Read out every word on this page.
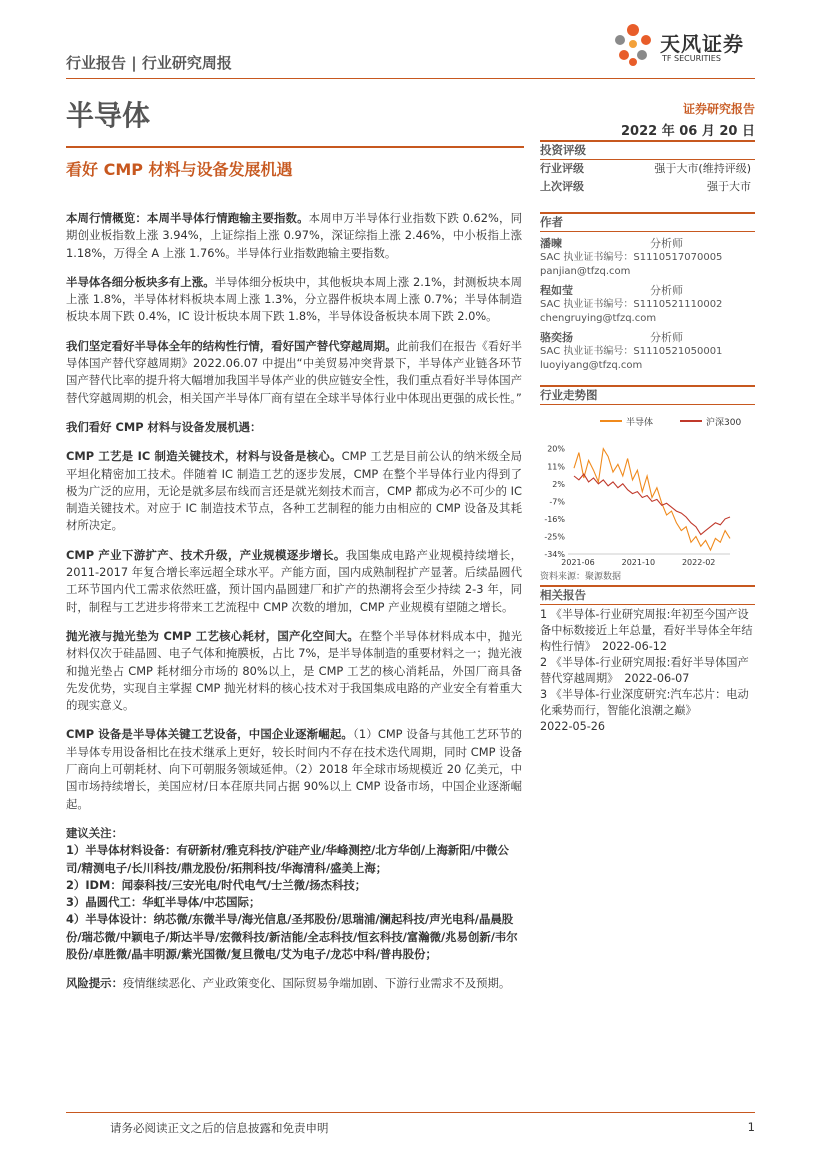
行业报告 | 行业研究周报
天风证券
TF SECURITIES
半导体	证券研究报告
2022 年 06 月 20 日
看好 CMP 材料与设备发展机遇

本周行情概览：本周半导体行情跑输主要指数。本周申万半导体行业指数下跌 0.62%，同期创业板指数上涨 3.94%，上证综指上涨 0.97%，深证综指上涨 2.46%，中小板指上涨 1.18%，万得全 A 上涨 1.76%。半导体行业指数跑输主要指数。

半导体各细分板块多有上涨。半导体细分板块中，其他板块本周上涨 2.1%，封测板块本周上涨 1.8%，半导体材料板块本周上涨 1.3%，分立器件板块本周上涨 0.7%；半导体制造板块本周下跌 0.4%，IC 设计板块本周下跌 1.8%，半导体设备板块本周下跌 2.0%。

我们坚定看好半导体全年的结构性行情，看好国产替代穿越周期。此前我们在报告《看好半导体国产替代穿越周期》2022.06.07 中提出“中美贸易冲突背景下，半导体产业链各环节国产替代比率的提升将大幅增加我国半导体产业的供应链安全性，我们重点看好半导体国产替代穿越周期的机会，相关国产半导体厂商有望在全球半导体行业中体现出更强的成长性。”

我们看好 CMP 材料与设备发展机遇：

CMP 工艺是 IC 制造关键技术，材料与设备是核心。CMP 工艺是目前公认的纳米级全局平坦化精密加工技术。伴随着 IC 制造工艺的逐步发展，CMP 在整个半导体行业内得到了极为广泛的应用，无论是就多层布线而言还是就光刻技术而言，CMP 都成为必不可少的 IC 制造关键技术。对应于 IC 制造技术节点，各种工艺制程的能力由相应的 CMP 设备及其耗材所决定。

CMP 产业下游扩产、技术升级，产业规模逐步增长。我国集成电路产业规模持续增长，2011-2017 年复合增长率远超全球水平。产能方面，国内成熟制程扩产显著。后续晶圆代工环节国内代工需求依然旺盛，预计国内晶圆建厂和扩产的热潮将会至少持续 2-3 年，同时，制程与工艺进步将带来工艺流程中 CMP 次数的增加，CMP 产业规模有望随之增长。

抛光液与抛光垫为 CMP 工艺核心耗材，国产化空间大。在整个半导体材料成本中，抛光材料仅次于硅晶圆、电子气体和掩膜板，占比 7%，是半导体制造的重要材料之一；抛光液和抛光垫占 CMP 耗材细分市场的 80%以上，是 CMP 工艺的核心消耗品，外国厂商具备先发优势，实现自主掌握 CMP 抛光材料的核心技术对于我国集成电路的产业安全有着重大的现实意义。

CMP 设备是半导体关键工艺设备，中国企业逐渐崛起。（1）CMP 设备与其他工艺环节的半导体专用设备相比在技术继承上更好，较长时间内不存在技术迭代周期，同时 CMP 设备厂商向上可朝耗材、向下可朝服务领域延伸。（2）2018 年全球市场规模近 20 亿美元，中国市场持续增长，美国应材/日本荏原共同占据 90%以上 CMP 设备市场，中国企业逐渐崛起。

建议关注：
1）半导体材料设备：有研新材/雅克科技/沪硅产业/华峰测控/北方华创/上海新阳/中微公司/精测电子/长川科技/鼎龙股份/拓荆科技/华海清科/盛美上海；
2）IDM：闻泰科技/三安光电/时代电气/士兰微/扬杰科技；
3）晶圆代工：华虹半导体/中芯国际；
4）半导体设计：纳芯微/东微半导/海光信息/圣邦股份/思瑞浦/澜起科技/声光电科/晶晨股份/瑞芯微/中颖电子/斯达半导/宏微科技/新洁能/全志科技/恒玄科技/富瀚微/兆易创新/韦尔股份/卓胜微/晶丰明源/紫光国微/复旦微电/艾为电子/龙芯中科/普冉股份；

风险提示：疫情继续恶化、产业政策变化、国际贸易争端加剧、下游行业需求不及预期。

投资评级
行业评级	强于大市(维持评级)
上次评级	强于大市
作者
潘暕	分析师
SAC 执业证书编号：S1110517070005
panjian@tfzq.com
程如莹	分析师
SAC 执业证书编号：S1110521110002
chengruying@tfzq.com
骆奕扬	分析师
SAC 执业证书编号：S1110521050001
luoyiyang@tfzq.com
行业走势图
半导体	沪深300
20%
11%
2%
-7%
-16%
-25%
-34%
2021-06	2021-10	2022-02
资料来源：聚源数据
相关报告
1 《半导体-行业研究周报:年初至今国产设备中标数接近上年总量，看好半导体全年结构性行情》 2022-06-12
2 《半导体-行业研究周报:看好半导体国产替代穿越周期》 2022-06-07
3 《半导体-行业深度研究:汽车芯片：电动化乘势而行，智能化浪潮之巅》
2022-05-26
请务必阅读正文之后的信息披露和免责申明	1
